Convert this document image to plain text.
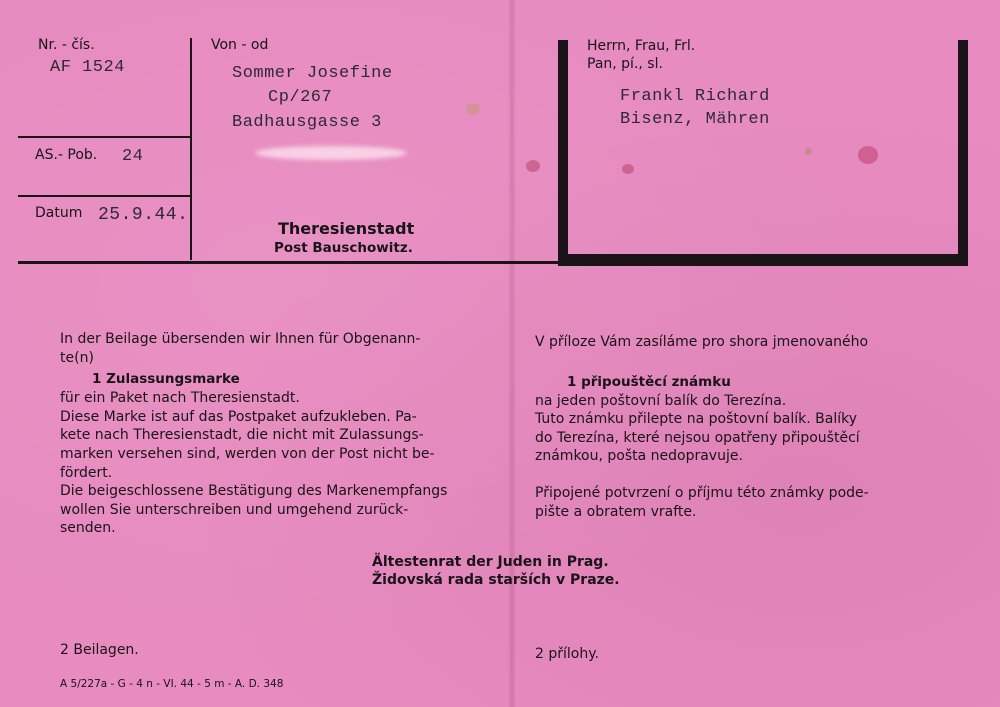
Nr. - čís.
AF 1524
AS.- Pob. 24
Datum 25.9.44.
Von - od
Sommer Josefine
Cp/267
Badhausgasse 3
Theresienstadt
Post Bauschowitz.
Herrn, Frau, Frl.
Pan, pí., sl.
Frankl Richard
Bisenz, Mähren
In der Beilage übersenden wir Ihnen für Obgenann-
te(n)
1 Zulassungsmarke
für ein Paket nach Theresienstadt.
Diese Marke ist auf das Postpaket aufzukleben. Pa-
kete nach Theresienstadt, die nicht mit Zulassungs-
marken versehen sind, werden von der Post nicht be-
fördert.
Die beigeschlossene Bestätigung des Markenempfangs
wollen Sie unterschreiben und umgehend zurück-
senden.
V příloze Vám zasíláme pro shora jmenovaného
1 připouštěcí známku
na jeden poštovní balík do Terezína.
Tuto známku přilepte na poštovní balík. Balíky
do Terezína, které nejsou opatřeny připouštěcí
známkou, pošta nedopravuje.
Připojené potvrzení o příjmu této známky pode-
pište a obratem vrafte.
Ältestenrat der Juden in Prag.
Židovská rada starších v Praze.
2 Beilagen.	2 přílohy.
A 5/227a - G - 4 n - VI. 44 - 5 m - A. D. 348
